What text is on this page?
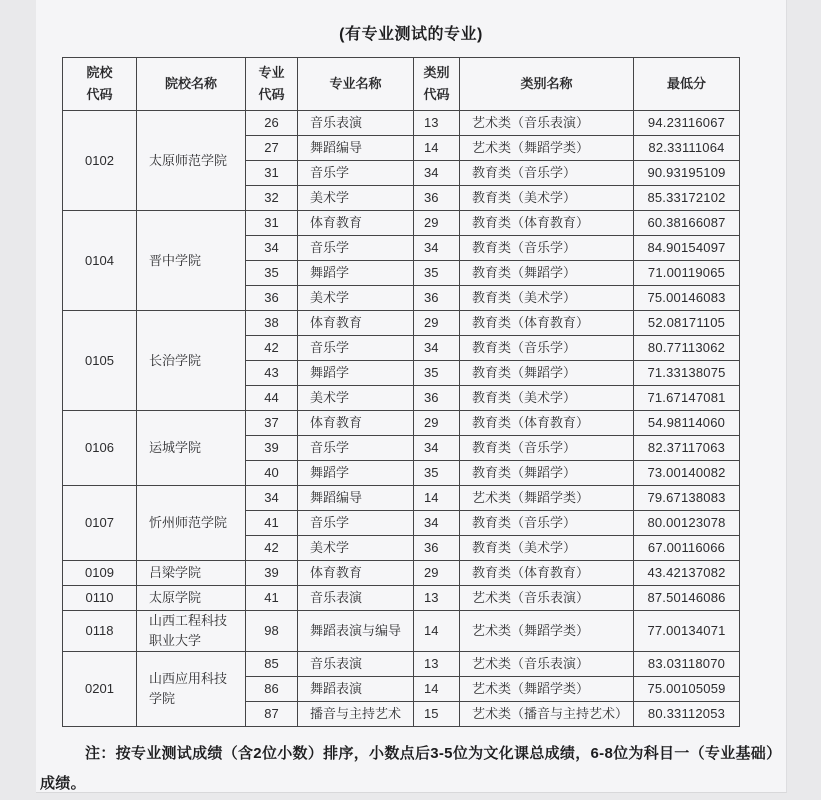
(有专业测试的专业)
院校代码	院校名称	专业代码	专业名称	类别代码	类别名称	最低分
0102	太原师范学院	26	音乐表演	13	艺术类（音乐表演）	94.23116067
		27	舞蹈编导	14	艺术类（舞蹈学类）	82.33111064
		31	音乐学	34	教育类（音乐学）	90.93195109
		32	美术学	36	教育类（美术学）	85.33172102
0104	晋中学院	31	体育教育	29	教育类（体育教育）	60.38166087
		34	音乐学	34	教育类（音乐学）	84.90154097
		35	舞蹈学	35	教育类（舞蹈学）	71.00119065
		36	美术学	36	教育类（美术学）	75.00146083
0105	长治学院	38	体育教育	29	教育类（体育教育）	52.08171105
		42	音乐学	34	教育类（音乐学）	80.77113062
		43	舞蹈学	35	教育类（舞蹈学）	71.33138075
		44	美术学	36	教育类（美术学）	71.67147081
0106	运城学院	37	体育教育	29	教育类（体育教育）	54.98114060
		39	音乐学	34	教育类（音乐学）	82.37117063
		40	舞蹈学	35	教育类（舞蹈学）	73.00140082
0107	忻州师范学院	34	舞蹈编导	14	艺术类（舞蹈学类）	79.67138083
		41	音乐学	34	教育类（音乐学）	80.00123078
		42	美术学	36	教育类（美术学）	67.00116066
0109	吕梁学院	39	体育教育	29	教育类（体育教育）	43.42137082
0110	太原学院	41	音乐表演	13	艺术类（音乐表演）	87.50146086
0118	山西工程科技职业大学	98	舞蹈表演与编导	14	艺术类（舞蹈学类）	77.00134071
0201	山西应用科技学院	85	音乐表演	13	艺术类（音乐表演）	83.03118070
		86	舞蹈表演	14	艺术类（舞蹈学类）	75.00105059
		87	播音与主持艺术	15	艺术类（播音与主持艺术）	80.33112053
注：按专业测试成绩（含2位小数）排序，小数点后3-5位为文化课总成绩，6-8位为科目一（专业基础）成绩。
